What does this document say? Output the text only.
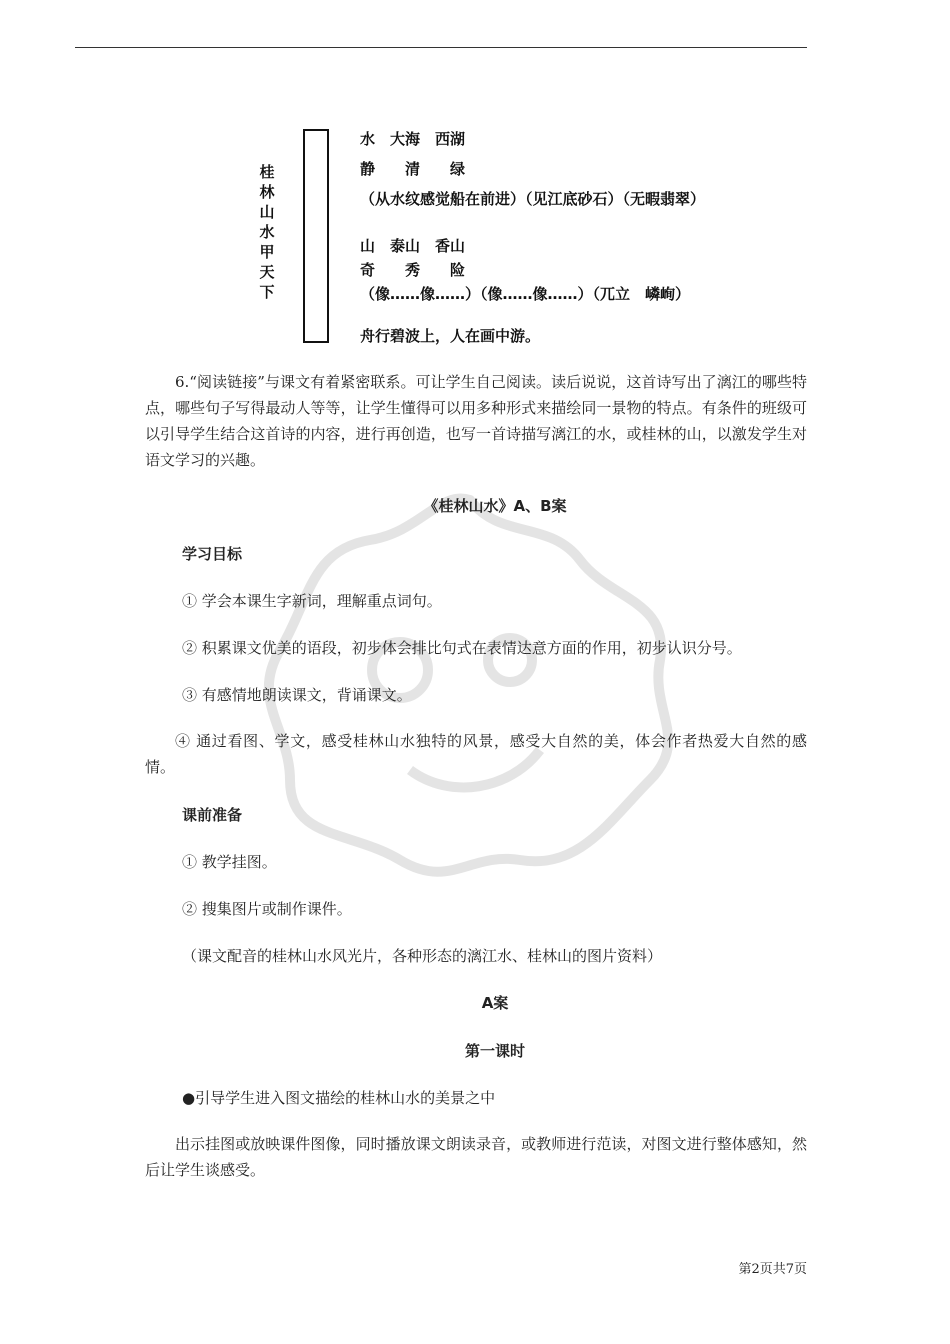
桂
林
山
水
甲
天
下
水　大海　西湖
静　　清　　绿
（从水纹感觉船在前进）（见江底砂石）（无暇翡翠）
山　泰山　香山
奇　　秀　　险
（像……像……）（像……像……）（兀立　嶙峋）
舟行碧波上，人在画中游。

6.“阅读链接”与课文有着紧密联系。可让学生自己阅读。读后说说，这首诗写出了漓江的哪些特点，哪些句子写得最动人等等，让学生懂得可以用多种形式来描绘同一景物的特点。有条件的班级可以引导学生结合这首诗的内容，进行再创造，也写一首诗描写漓江的水，或桂林的山，以激发学生对语文学习的兴趣。

《桂林山水》A、B案

学习目标

① 学会本课生字新词，理解重点词句。

② 积累课文优美的语段，初步体会排比句式在表情达意方面的作用，初步认识分号。

③ 有感情地朗读课文，背诵课文。

④ 通过看图、学文，感受桂林山水独特的风景，感受大自然的美，体会作者热爱大自然的感情。

课前准备

① 教学挂图。

② 搜集图片或制作课件。

（课文配音的桂林山水风光片，各种形态的漓江水、桂林山的图片资料）

A案

第一课时

●引导学生进入图文描绘的桂林山水的美景之中

出示挂图或放映课件图像，同时播放课文朗读录音，或教师进行范读，对图文进行整体感知，然后让学生谈感受。

第2页共7页
